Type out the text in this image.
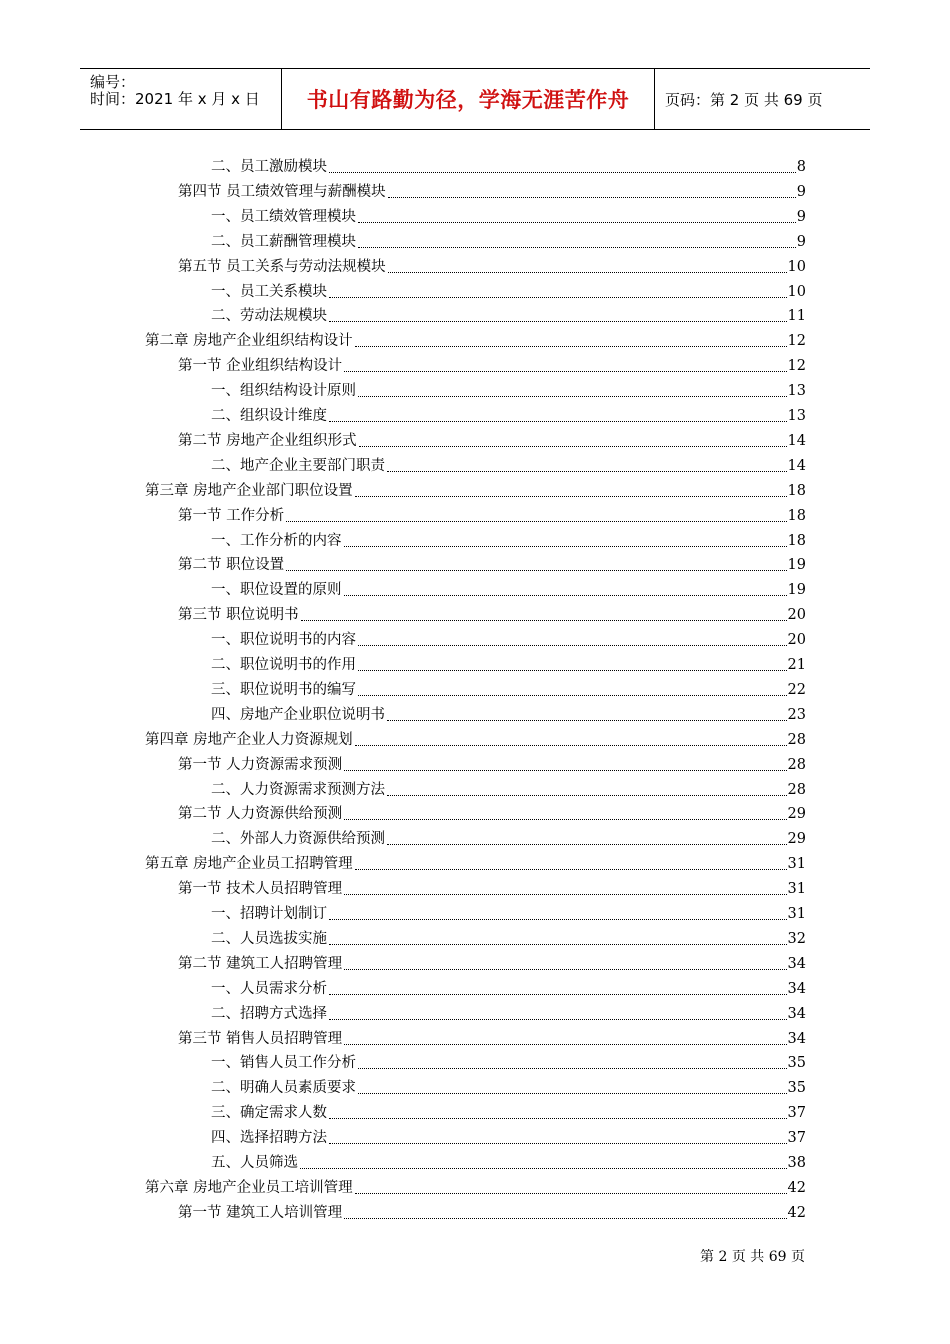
编号：
时间：2021 年 x 月 x 日 书山有路勤为径，学海无涯苦作舟 页码：第 2 页 共 69 页
二、员工激励模块	8
第四节 员工绩效管理与薪酬模块	9
一、员工绩效管理模块	9
二、员工薪酬管理模块	9
第五节 员工关系与劳动法规模块	10
一、员工关系模块	10
二、劳动法规模块	11
第二章 房地产企业组织结构设计	12
第一节 企业组织结构设计	12
一、组织结构设计原则	13
二、组织设计维度	13
第二节 房地产企业组织形式	14
二、地产企业主要部门职责	14
第三章 房地产企业部门职位设置	18
第一节 工作分析	18
一、工作分析的内容	18
第二节 职位设置	19
一、职位设置的原则	19
第三节 职位说明书	20
一、职位说明书的内容	20
二、职位说明书的作用	21
三、职位说明书的编写	22
四、房地产企业职位说明书	23
第四章 房地产企业人力资源规划	28
第一节 人力资源需求预测	28
二、人力资源需求预测方法	28
第二节 人力资源供给预测	29
二、外部人力资源供给预测	29
第五章 房地产企业员工招聘管理	31
第一节 技术人员招聘管理	31
一、招聘计划制订	31
二、人员选拔实施	32
第二节 建筑工人招聘管理	34
一、人员需求分析	34
二、招聘方式选择	34
第三节 销售人员招聘管理	34
一、销售人员工作分析	35
二、明确人员素质要求	35
三、确定需求人数	37
四、选择招聘方法	37
五、人员筛选	38
第六章 房地产企业员工培训管理	42
第一节 建筑工人培训管理	42
第 2 页 共 69 页
